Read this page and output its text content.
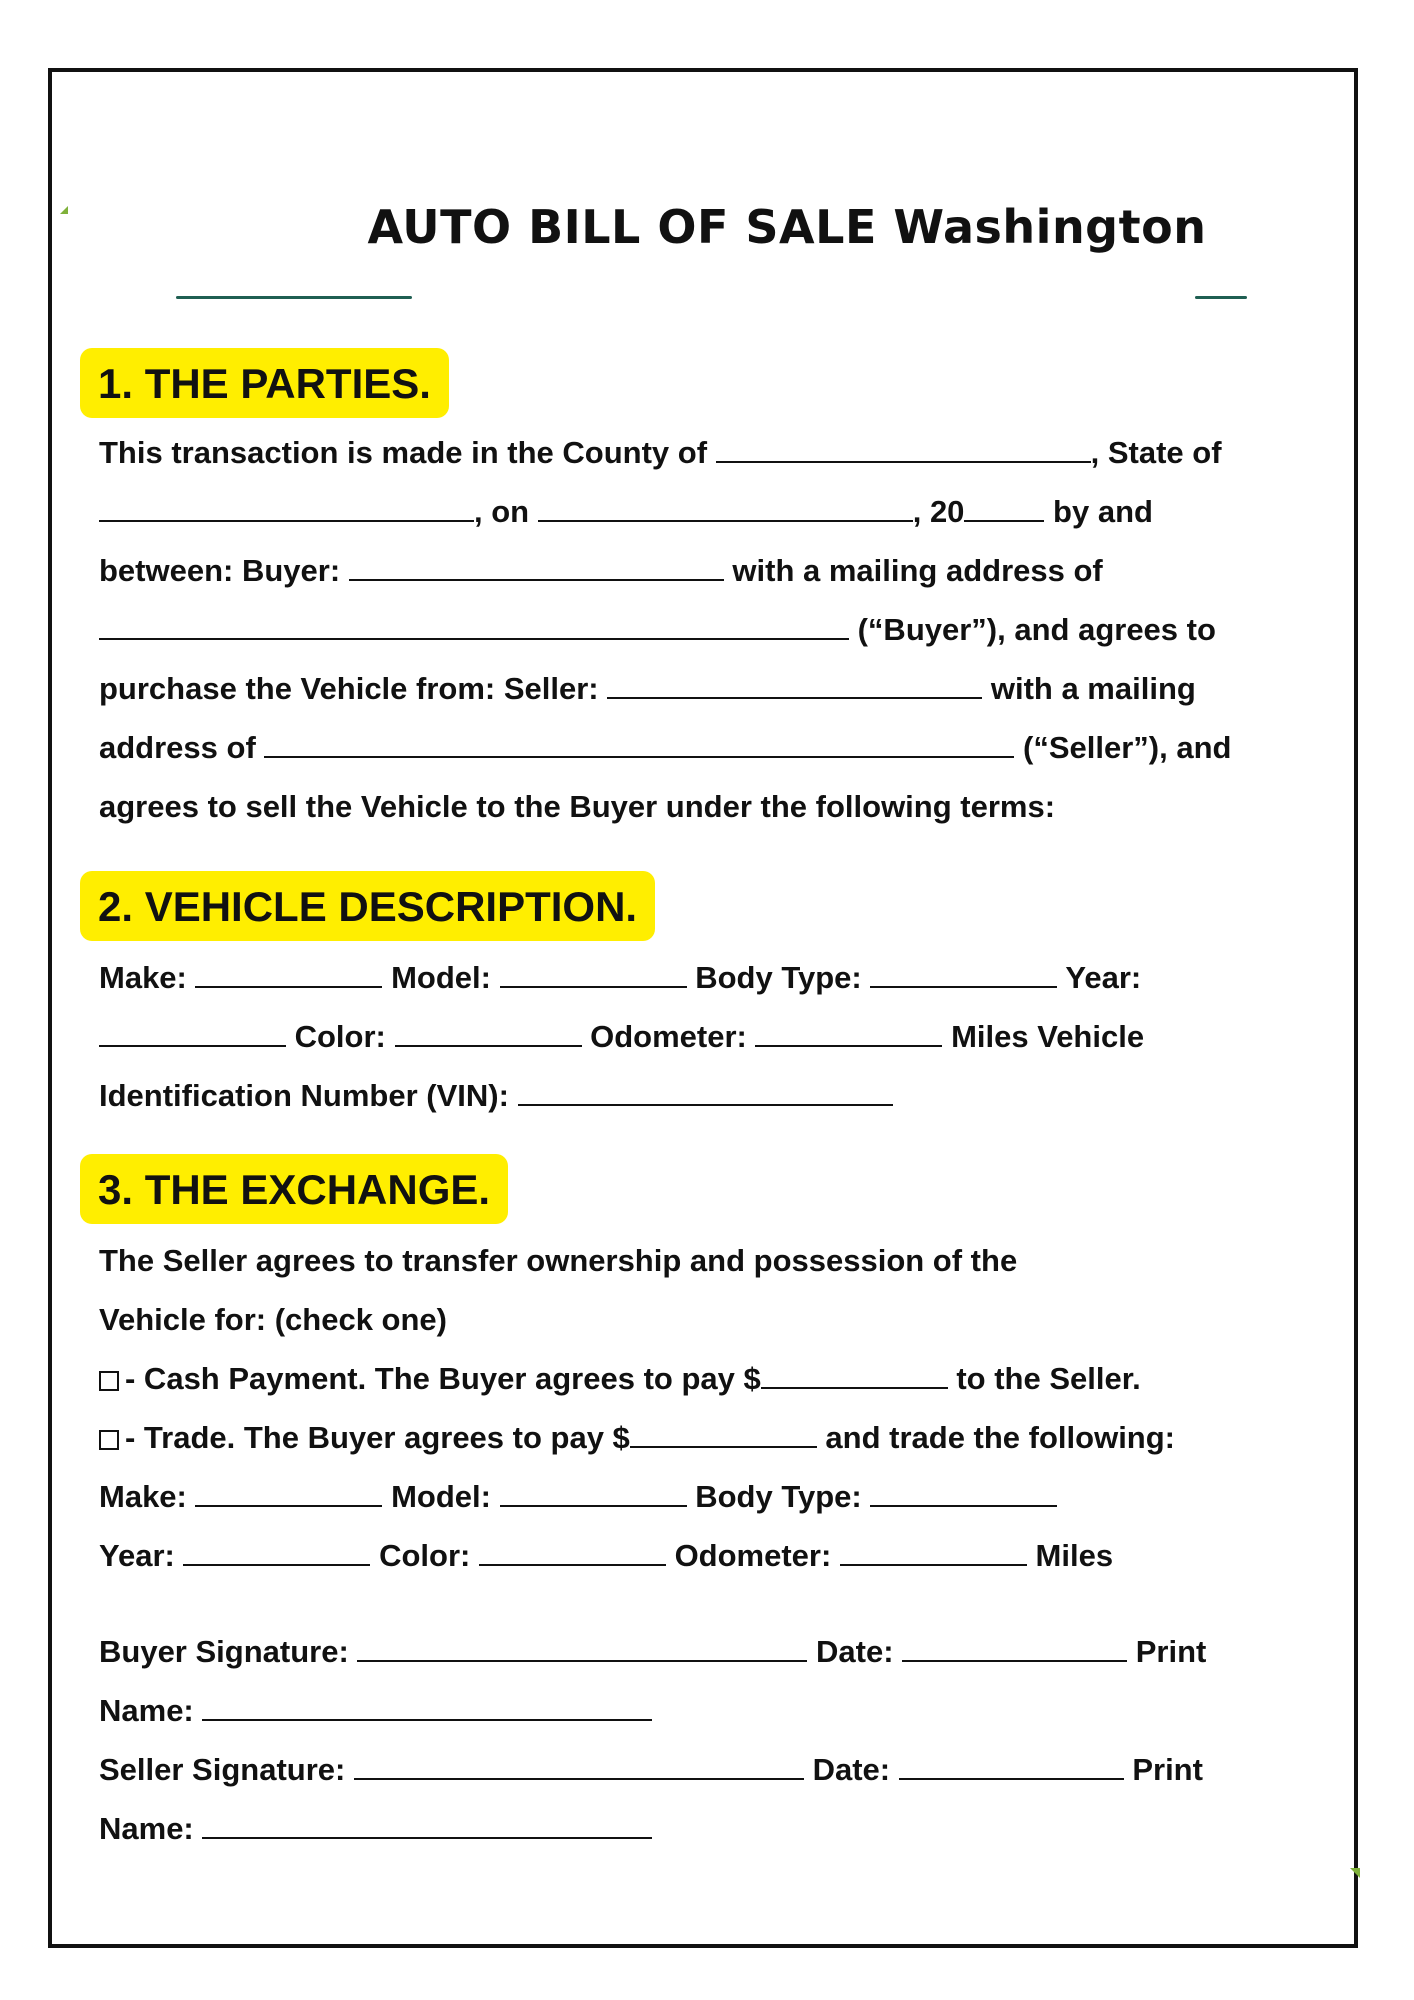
AUTO BILL OF SALE Washington
1. THE PARTIES.
This transaction is made in the County of	, State of
, on	, 20	by and
between: Buyer:	with a mailing address of
(“Buyer”), and agrees to
purchase the Vehicle from: Seller:	with a mailing
address of	(“Seller”), and
agrees to sell the Vehicle to the Buyer under the following terms:
2. VEHICLE DESCRIPTION.
Make:	Model:	Body Type:	Year:
Color:	Odometer:	Miles Vehicle
Identification Number (VIN):
3. THE EXCHANGE.
The Seller agrees to transfer ownership and possession of the
Vehicle for: (check one)
- Cash Payment. The Buyer agrees to pay $	to the Seller.
- Trade. The Buyer agrees to pay $	and trade the following:
Make:	Model:	Body Type:
Year:	Color:	Odometer:	Miles
Buyer Signature:	Date:	Print
Name:
Seller Signature:	Date:	Print
Name:
